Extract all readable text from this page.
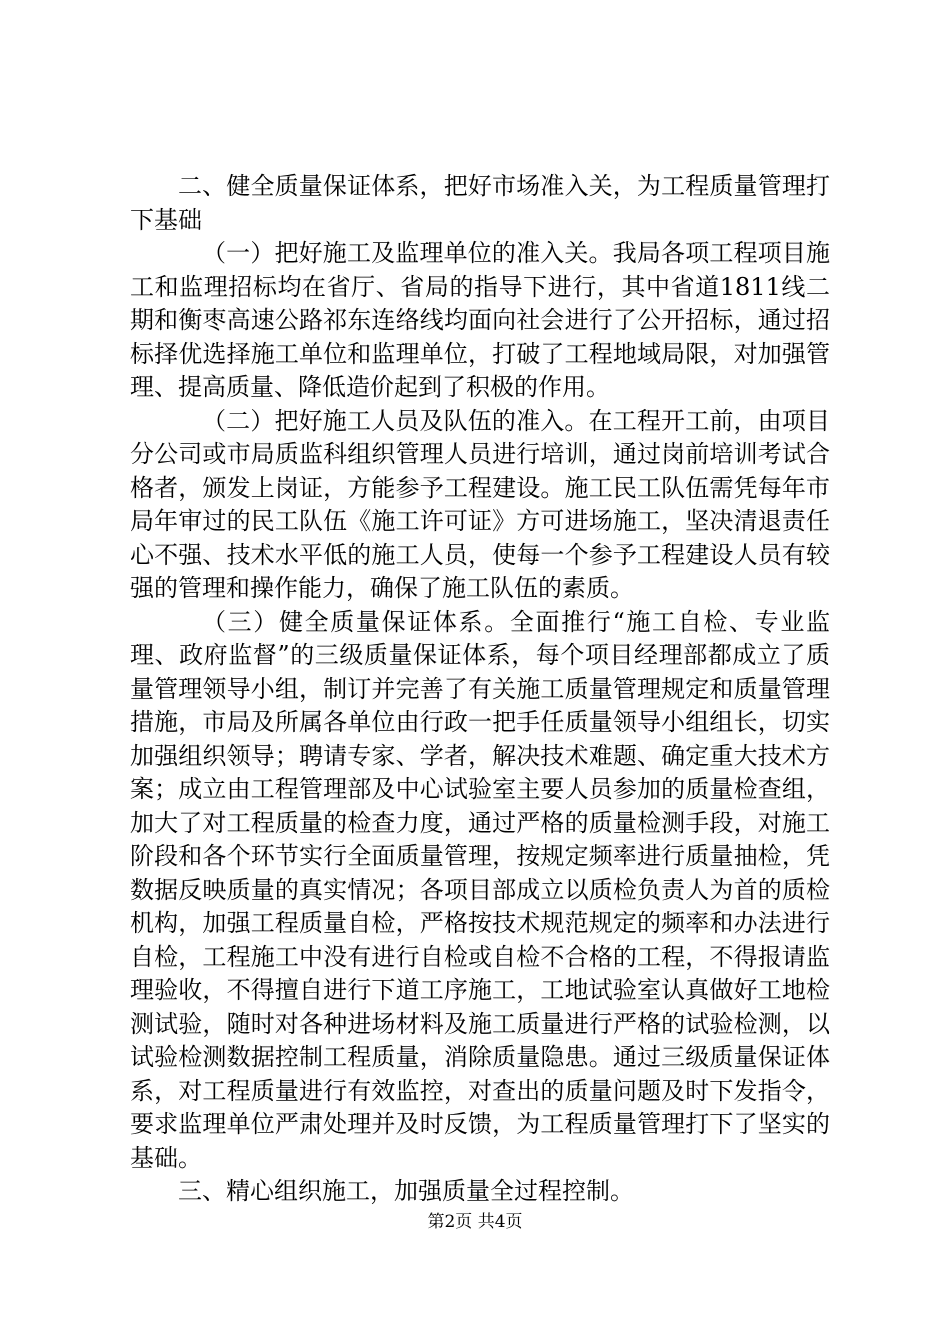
二、健全质量保证体系，把好市场准入关，为工程质量管理打下基础

（一）把好施工及监理单位的准入关。我局各项工程项目施工和监理招标均在省厅、省局的指导下进行，其中省道1811线二期和衡枣高速公路祁东连络线均面向社会进行了公开招标，通过招标择优选择施工单位和监理单位，打破了工程地域局限，对加强管理、提高质量、降低造价起到了积极的作用。

（二）把好施工人员及队伍的准入。在工程开工前，由项目分公司或市局质监科组织管理人员进行培训，通过岗前培训考试合格者，颁发上岗证，方能参予工程建设。施工民工队伍需凭每年市局年审过的民工队伍《施工许可证》方可进场施工，坚决清退责任心不强、技术水平低的施工人员，使每一个参予工程建设人员有较强的管理和操作能力，确保了施工队伍的素质。

（三）健全质量保证体系。全面推行“施工自检、专业监理、政府监督”的三级质量保证体系，每个项目经理部都成立了质量管理领导小组，制订并完善了有关施工质量管理规定和质量管理措施，市局及所属各单位由行政一把手任质量领导小组组长，切实加强组织领导；聘请专家、学者，解决技术难题、确定重大技术方案；成立由工程管理部及中心试验室主要人员参加的质量检查组，加大了对工程质量的检查力度，通过严格的质量检测手段，对施工阶段和各个环节实行全面质量管理，按规定频率进行质量抽检，凭数据反映质量的真实情况；各项目部成立以质检负责人为首的质检机构，加强工程质量自检，严格按技术规范规定的频率和办法进行自检，工程施工中没有进行自检或自检不合格的工程，不得报请监理验收，不得擅自进行下道工序施工，工地试验室认真做好工地检测试验，随时对各种进场材料及施工质量进行严格的试验检测，以试验检测数据控制工程质量，消除质量隐患。通过三级质量保证体系，对工程质量进行有效监控，对查出的质量问题及时下发指令，要求监理单位严肃处理并及时反馈，为工程质量管理打下了坚实的基础。

三、精心组织施工，加强质量全过程控制。

第2页 共4页
